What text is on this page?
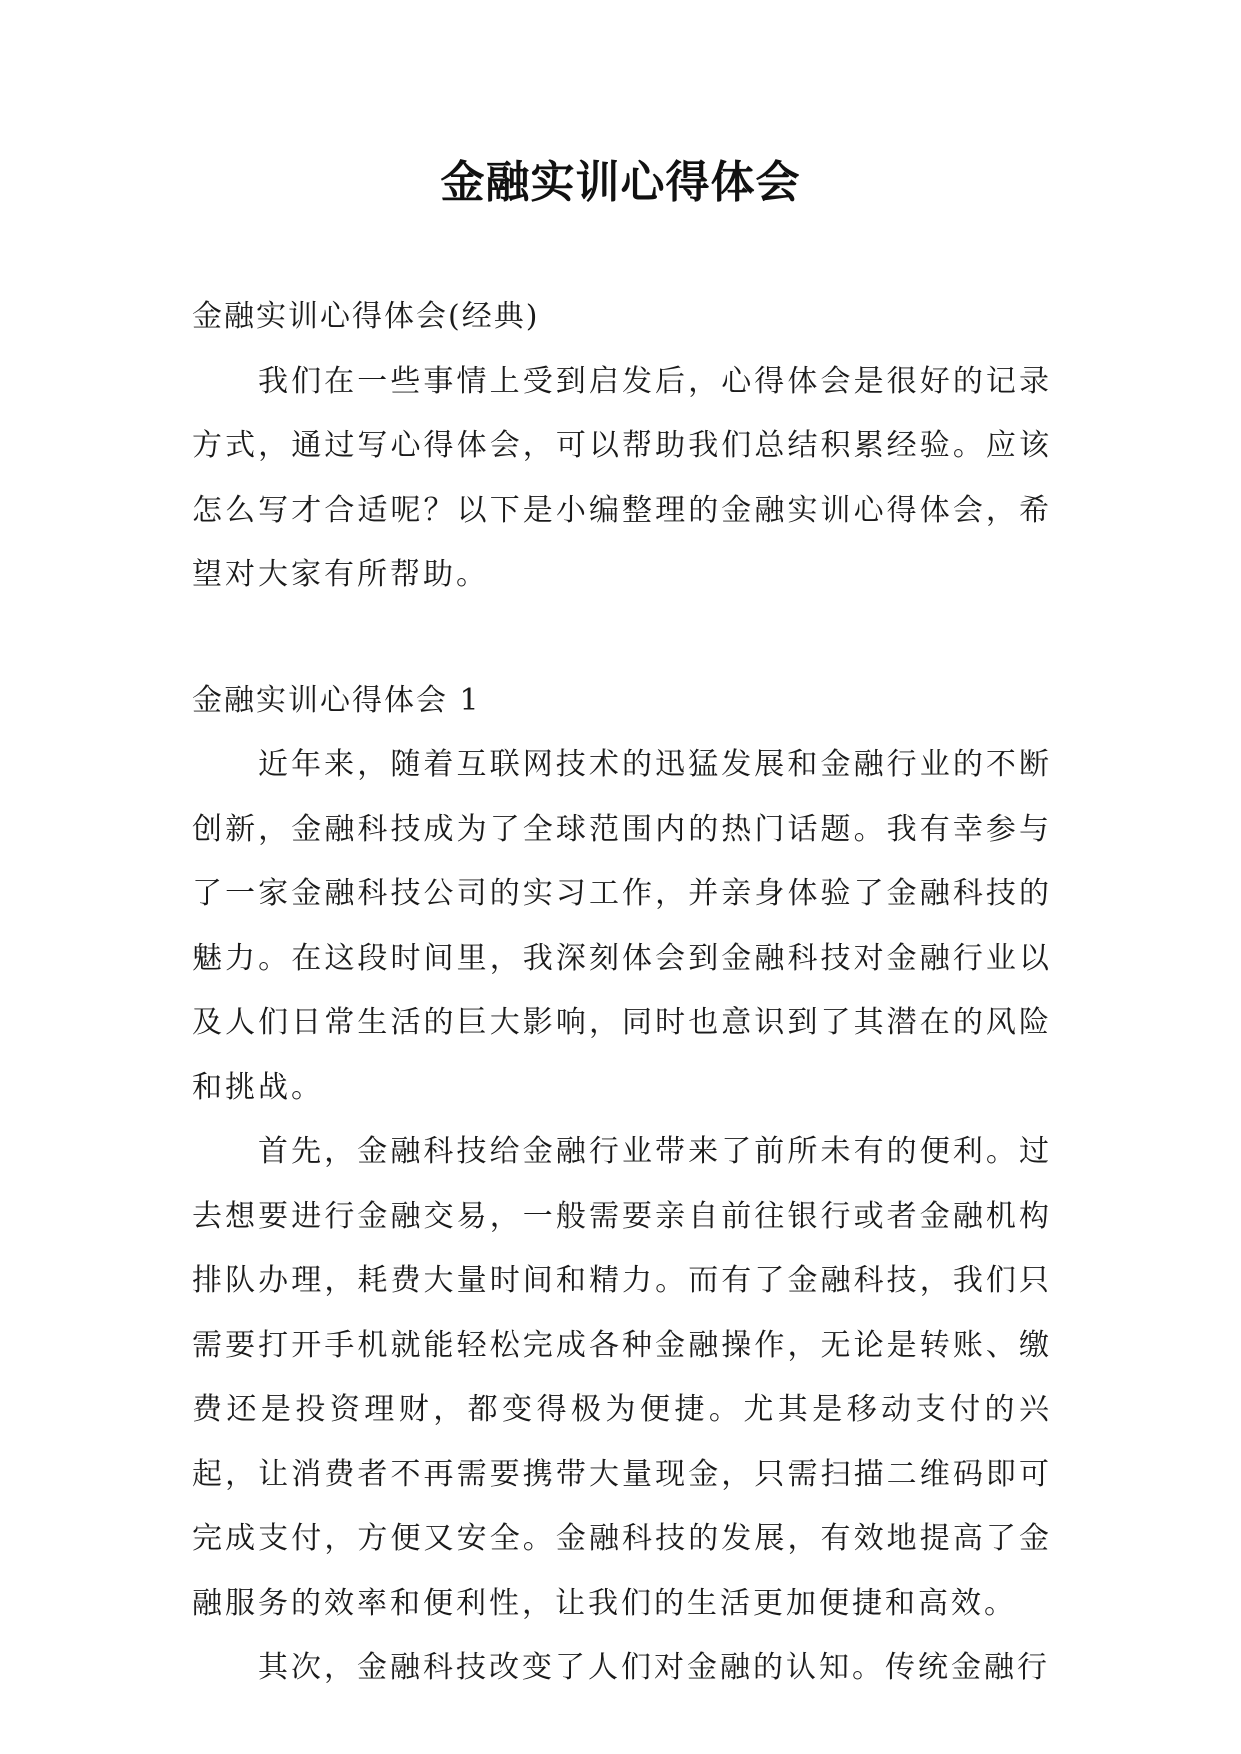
金融实训心得体会

金融实训心得体会(经典)

我们在一些事情上受到启发后，心得体会是很好的记录方式，通过写心得体会，可以帮助我们总结积累经验。应该怎么写才合适呢？以下是小编整理的金融实训心得体会，希望对大家有所帮助。

金融实训心得体会 1

近年来，随着互联网技术的迅猛发展和金融行业的不断创新，金融科技成为了全球范围内的热门话题。我有幸参与了一家金融科技公司的实习工作，并亲身体验了金融科技的魅力。在这段时间里，我深刻体会到金融科技对金融行业以及人们日常生活的巨大影响，同时也意识到了其潜在的风险和挑战。

首先，金融科技给金融行业带来了前所未有的便利。过去想要进行金融交易，一般需要亲自前往银行或者金融机构排队办理，耗费大量时间和精力。而有了金融科技，我们只需要打开手机就能轻松完成各种金融操作，无论是转账、缴费还是投资理财，都变得极为便捷。尤其是移动支付的兴起，让消费者不再需要携带大量现金，只需扫描二维码即可完成支付，方便又安全。金融科技的发展，有效地提高了金融服务的效率和便利性，让我们的生活更加便捷和高效。

其次，金融科技改变了人们对金融的认知。传统金融行
